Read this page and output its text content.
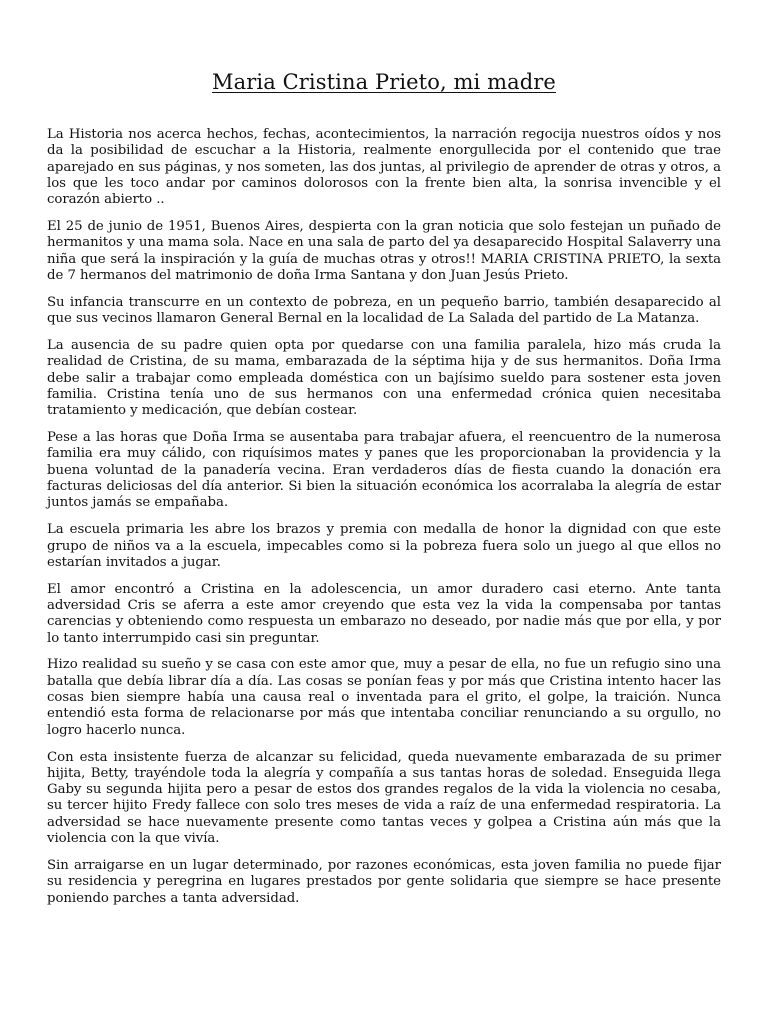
Maria Cristina Prieto, mi madre

La Historia nos acerca hechos, fechas, acontecimientos, la narración regocija nuestros oídos y nos da la posibilidad de escuchar a la Historia, realmente enorgullecida por el contenido que trae aparejado en sus páginas, y nos someten, las dos juntas, al privilegio de aprender de otras y otros, a los que les toco andar por caminos dolorosos con la frente bien alta, la sonrisa invencible y el corazón abierto ..

El 25 de junio de 1951, Buenos Aires, despierta con la gran noticia que solo festejan un puñado de hermanitos y una mama sola. Nace en una sala de parto del ya desaparecido Hospital Salaverry una niña que será la inspiración y la guía de muchas otras y otros!! MARIA CRISTINA PRIETO, la sexta de 7 hermanos del matrimonio de doña Irma Santana y don Juan Jesús Prieto.

Su infancia transcurre en un contexto de pobreza, en un pequeño barrio, también desaparecido al que sus vecinos llamaron General Bernal en la localidad de La Salada del partido de La Matanza.

La ausencia de su padre quien opta por quedarse con una familia paralela, hizo más cruda la realidad de Cristina, de su mama, embarazada de la séptima hija y de sus hermanitos. Doña Irma debe salir a trabajar como empleada doméstica con un bajísimo sueldo para sostener esta joven familia. Cristina tenía uno de sus hermanos con una enfermedad crónica quien necesitaba tratamiento y medicación, que debían costear.

Pese a las horas que Doña Irma se ausentaba para trabajar afuera, el reencuentro de la numerosa familia era muy cálido, con riquísimos mates y panes que les proporcionaban la providencia y la buena voluntad de la panadería vecina. Eran verdaderos días de fiesta cuando la donación era facturas deliciosas del día anterior. Si bien la situación económica los acorralaba la alegría de estar juntos jamás se empañaba.

La escuela primaria les abre los brazos y premia con medalla de honor la dignidad con que este grupo de niños va a la escuela, impecables como si la pobreza fuera solo un juego al que ellos no estarían invitados a jugar.

El amor encontró a Cristina en la adolescencia, un amor duradero casi eterno. Ante tanta adversidad Cris se aferra a este amor creyendo que esta vez la vida la compensaba por tantas carencias y obteniendo como respuesta un embarazo no deseado, por nadie más que por ella, y por lo tanto interrumpido casi sin preguntar.

Hizo realidad su sueño y se casa con este amor que, muy a pesar de ella, no fue un refugio sino una batalla que debía librar día a día. Las cosas se ponían feas y por más que Cristina intento hacer las cosas bien siempre había una causa real o inventada para el grito, el golpe, la traición. Nunca entendió esta forma de relacionarse por más que intentaba conciliar renunciando a su orgullo, no logro hacerlo nunca.

Con esta insistente fuerza de alcanzar su felicidad, queda nuevamente embarazada de su primer hijita, Betty, trayéndole toda la alegría y compañía a sus tantas horas de soledad. Enseguida llega Gaby su segunda hijita pero a pesar de estos dos grandes regalos de la vida la violencia no cesaba, su tercer hijito Fredy fallece con solo tres meses de vida a raíz de una enfermedad respiratoria. La adversidad se hace nuevamente presente como tantas veces y golpea a Cristina aún más que la violencia con la que vivía.

Sin arraigarse en un lugar determinado, por razones económicas, esta joven familia no puede fijar su residencia y peregrina en lugares prestados por gente solidaria que siempre se hace presente poniendo parches a tanta adversidad.
